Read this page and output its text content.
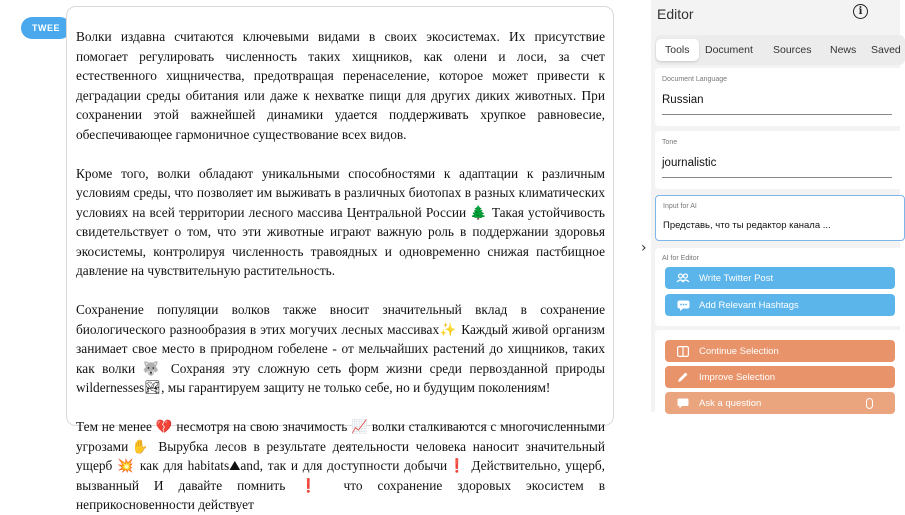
TWEE

Волки издавна считаются ключевыми видами в своих экосистемах. Их присутствие помогает регулировать численность таких хищников, как олени и лоси, за счет естественного хищничества, предотвращая перенаселение, которое может привести к деградации среды обитания или даже к нехватке пищи для других диких животных. При сохранении этой важнейшей динамики удается поддерживать хрупкое равновесие, обеспечивающее гармоничное существование всех видов.

Кроме того, волки обладают уникальными способностями к адаптации к различным условиям среды, что позволяет им выживать в различных биотопах в разных климатических условиях на всей территории лесного массива Центральной России 🌲 Такая устойчивость свидетельствует о том, что эти животные играют важную роль в поддержании здоровья экосистемы, контролируя численность травоядных и одновременно снижая пастбищное давление на чувствительную растительность.

Сохранение популяции волков также вносит значительный вклад в сохранение биологического разнообразия в этих могучих лесных массивах✨ Каждый живой организм занимает свое место в природном гобелене - от мельчайших растений до хищников, таких как волки 🐺 Сохраняя эту сложную сеть форм жизни среди первозданной природы wildernesses🏞, мы гарантируем защиту не только себе, но и будущим поколениям!

Тем не менее 💔 несмотря на свою значимость 📈 волки сталкиваются с многочисленными угрозами✋ Вырубка лесов в результате деятельности человека наносит значительный ущерб 💥 как для habitats⛰and, так и для доступности добычи❗ Действительно, ущерб, вызванный И давайте помнить ❗ что сохранение здоровых экосистем в неприкосновенности действует

›
Editor	i
Tools	Document Sources News Saved
Document Language
Russian
Tone
journalistic
Input for AI
Представь, что ты редактор канала ...
AI for Editor
Write Twitter Post
Add Relevant Hashtags
Continue Selection
Improve Selection
Ask a question
